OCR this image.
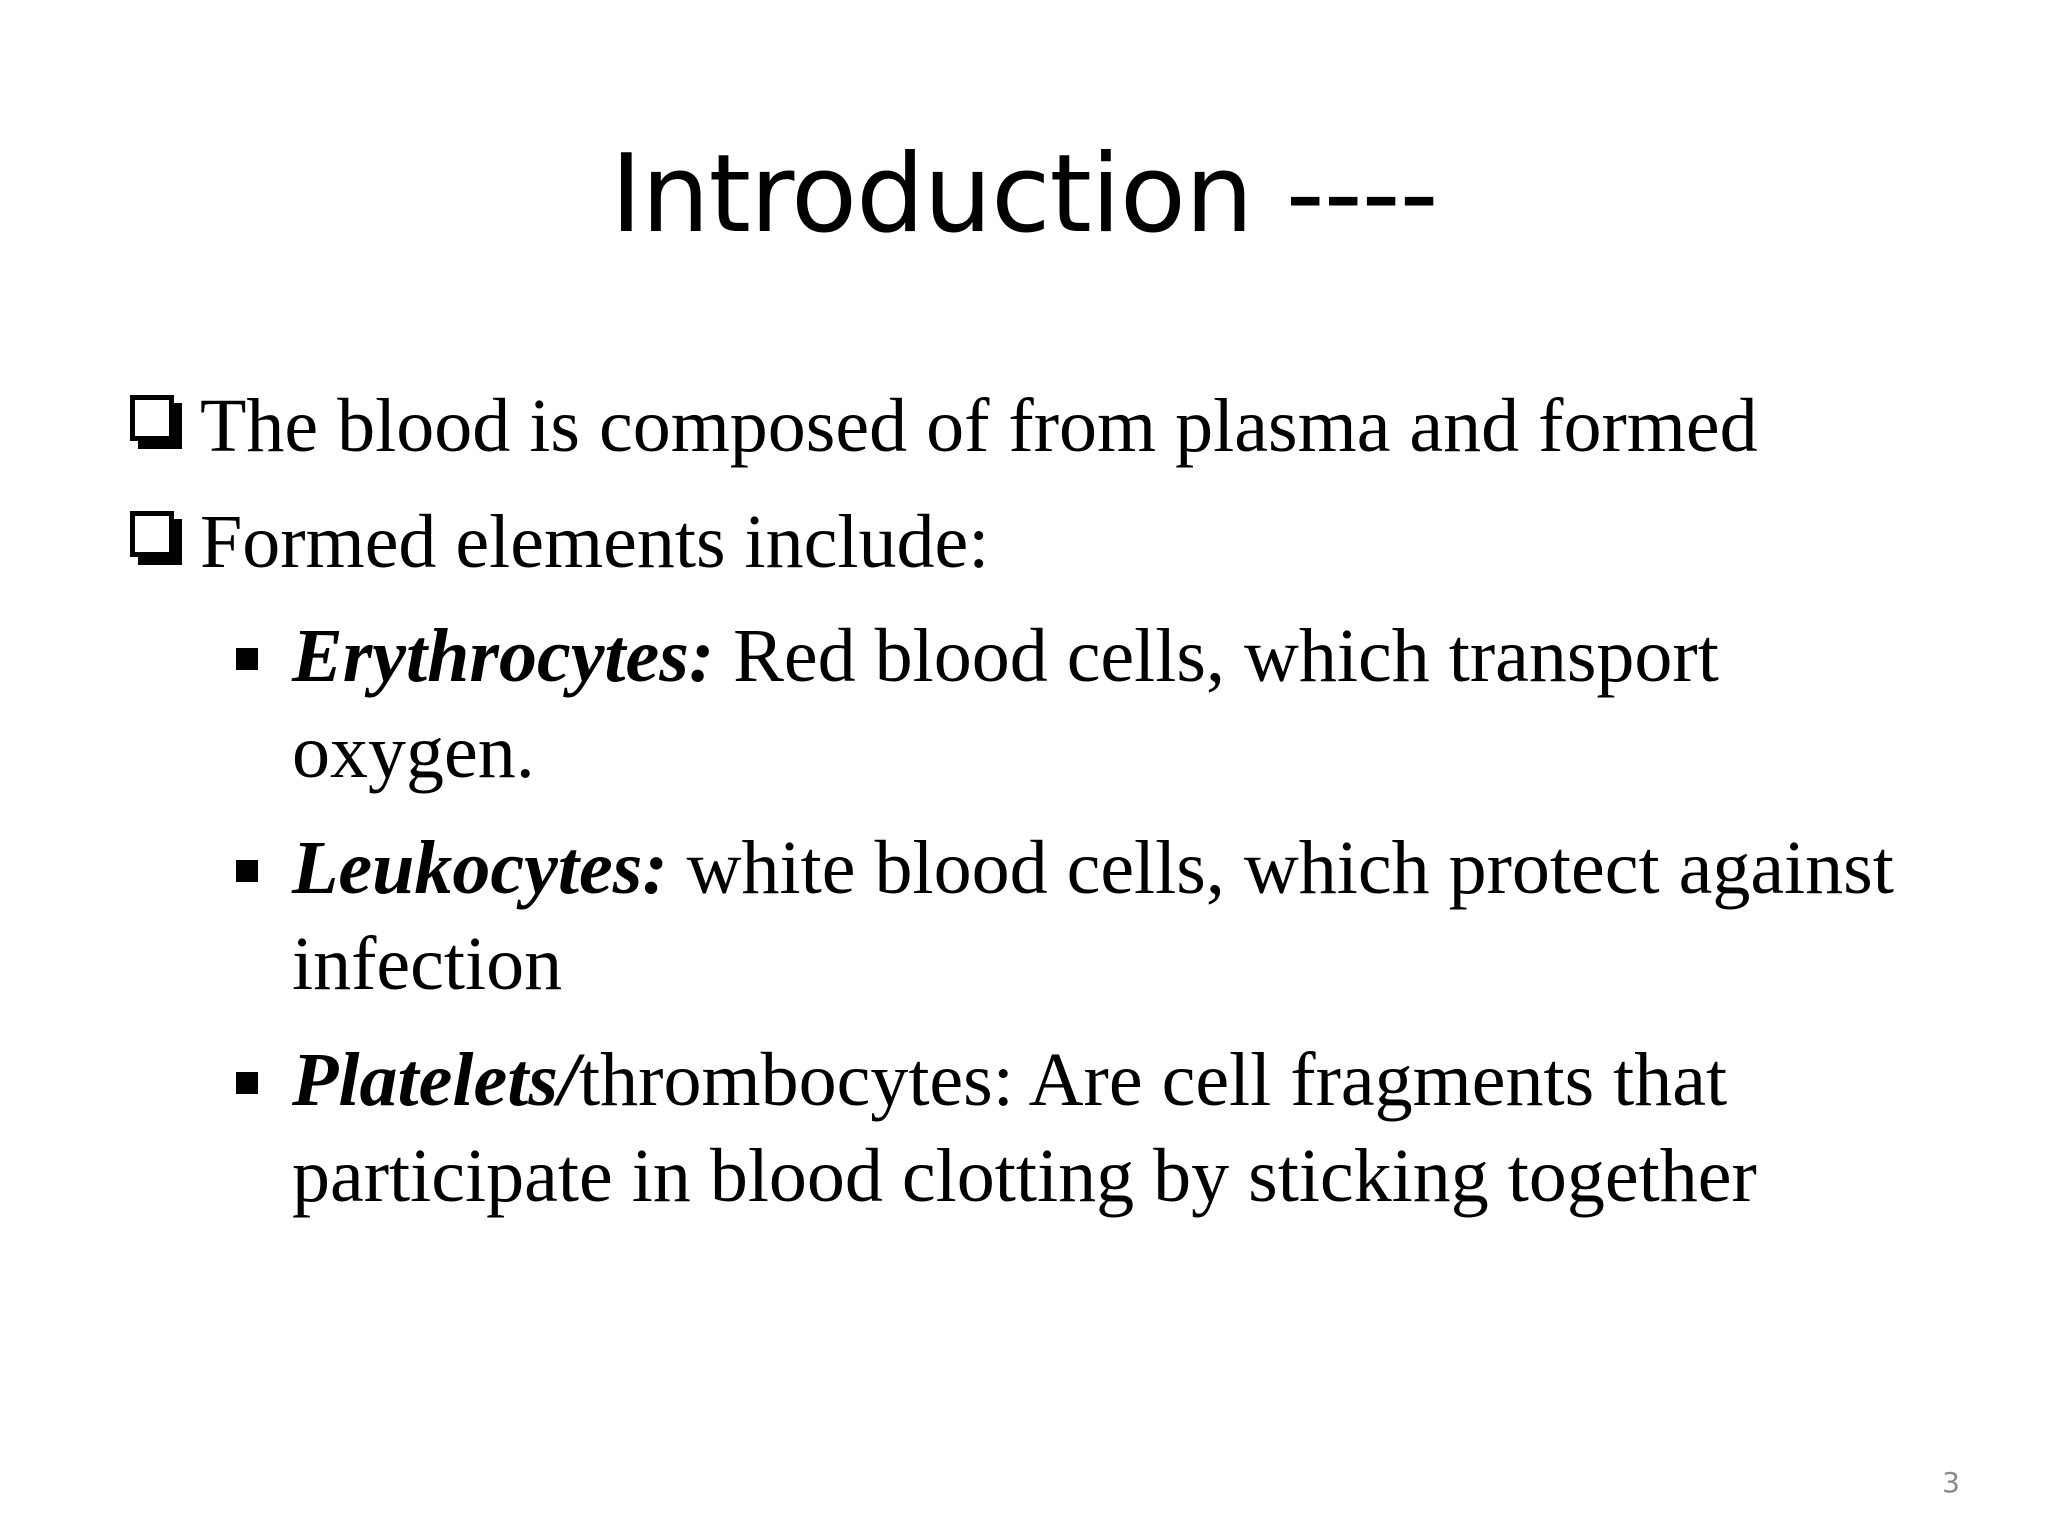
Introduction ----
The blood is composed of from plasma and formed
Formed elements include:
Erythrocytes: Red blood cells, which transport oxygen.
Leukocytes: white blood cells, which protect against infection
Platelets/thrombocytes: Are cell fragments that participate in blood clotting by sticking together
3
